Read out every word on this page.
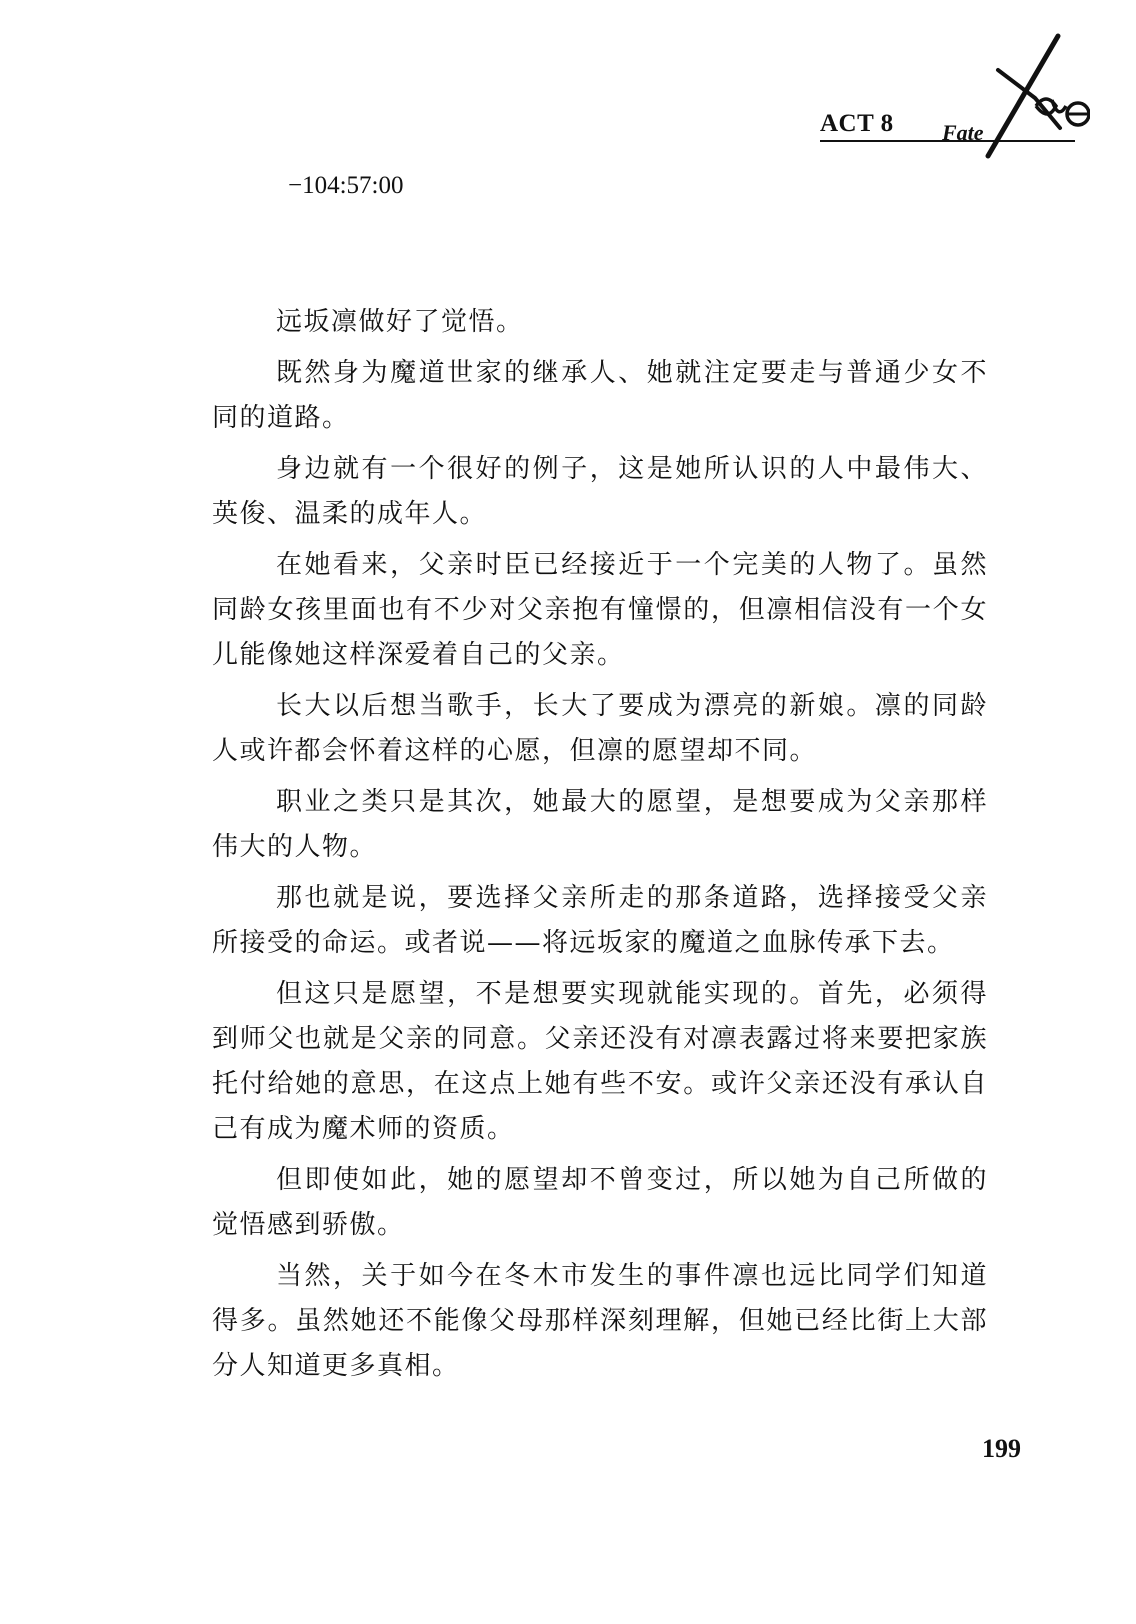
ACT 8 Fate
−104:57:00

远坂凛做好了觉悟。

既然身为魔道世家的继承人、她就注定要走与普通少女不同的道路。

身边就有一个很好的例子，这是她所认识的人中最伟大、英俊、温柔的成年人。

在她看来，父亲时臣已经接近于一个完美的人物了。虽然同龄女孩里面也有不少对父亲抱有憧憬的，但凛相信没有一个女儿能像她这样深爱着自己的父亲。

长大以后想当歌手，长大了要成为漂亮的新娘。凛的同龄人或许都会怀着这样的心愿，但凛的愿望却不同。

职业之类只是其次，她最大的愿望，是想要成为父亲那样伟大的人物。

那也就是说，要选择父亲所走的那条道路，选择接受父亲所接受的命运。或者说——将远坂家的魔道之血脉传承下去。

但这只是愿望，不是想要实现就能实现的。首先，必须得到师父也就是父亲的同意。父亲还没有对凛表露过将来要把家族托付给她的意思，在这点上她有些不安。或许父亲还没有承认自己有成为魔术师的资质。

但即使如此，她的愿望却不曾变过，所以她为自己所做的觉悟感到骄傲。

当然，关于如今在冬木市发生的事件凛也远比同学们知道得多。虽然她还不能像父母那样深刻理解，但她已经比街上大部分人知道更多真相。

199
